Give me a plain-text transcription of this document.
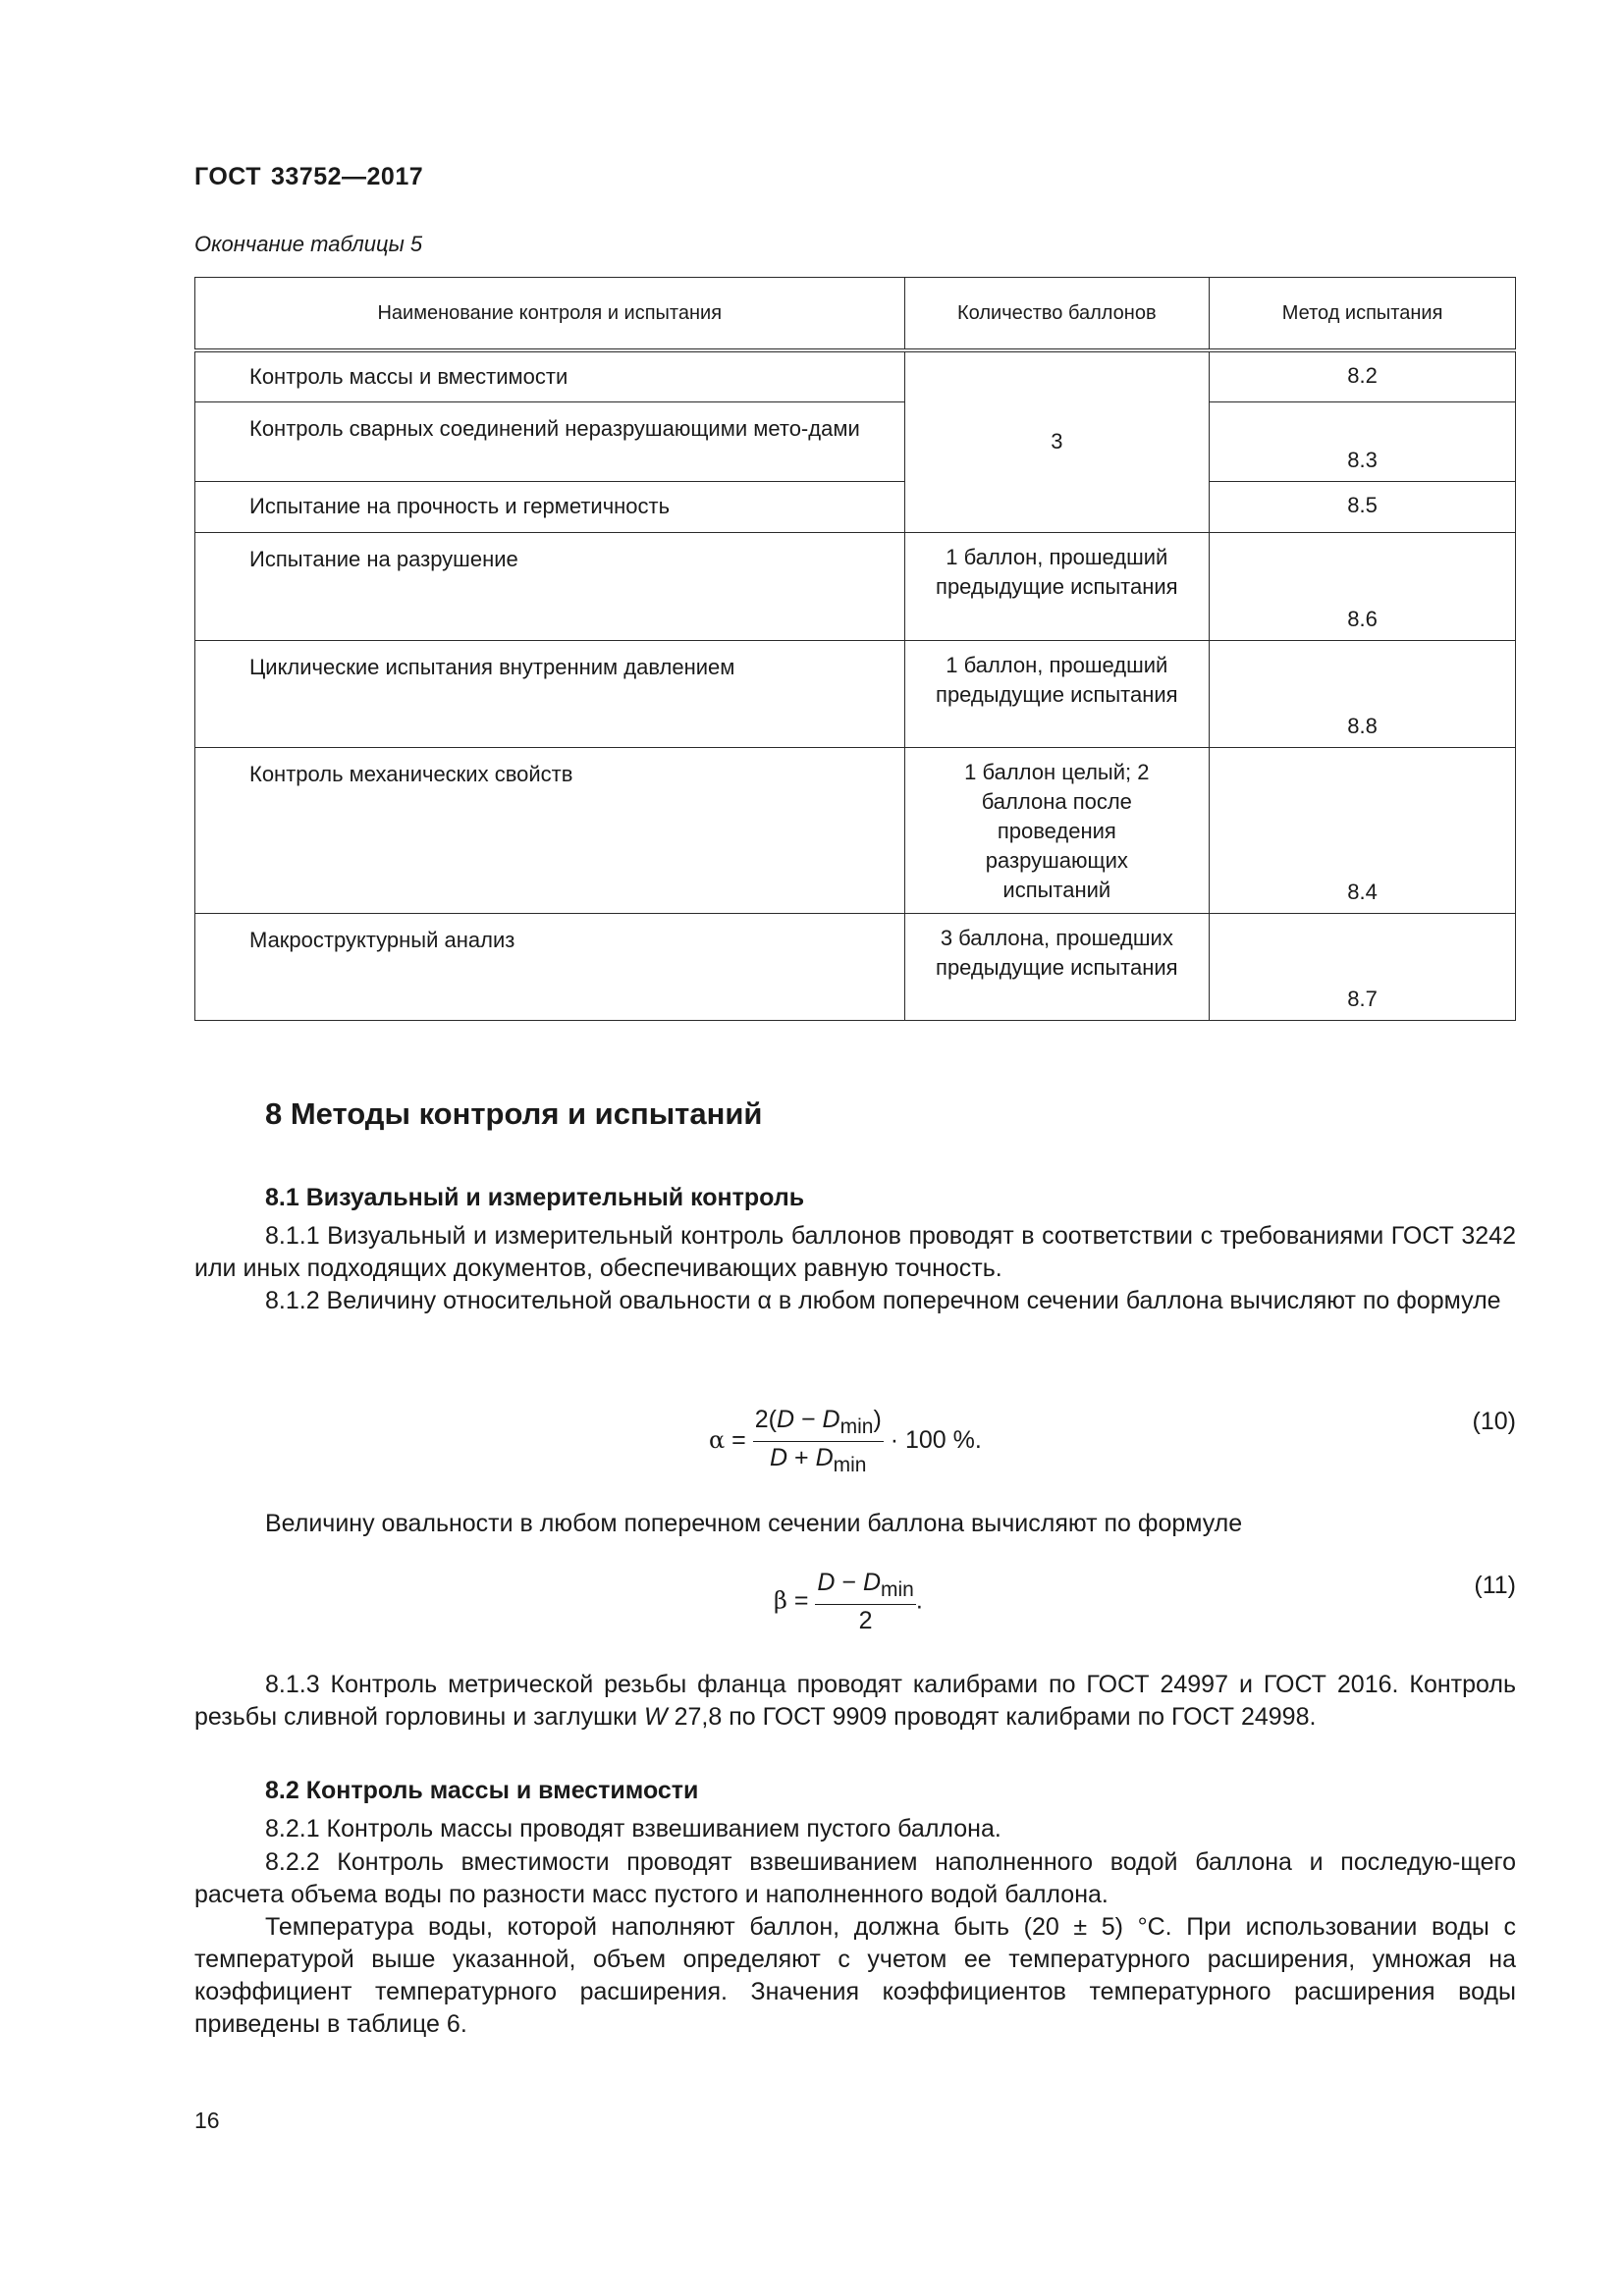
ГОСТ 33752—2017
Окончание таблицы 5
Наименование контроля и испытания	Количество баллонов	Метод испытания
Контроль массы и вместимости	3	8.2
Контроль сварных соединений неразрушающими мето-дами		8.3
Испытание на прочность и герметичность		8.5
Испытание на разрушение	1 баллон, прошедший предыдущие испытания	8.6
Циклические испытания внутренним давлением	1 баллон, прошедший предыдущие испытания	8.8
Контроль механических свойств	1 баллон целый; 2 баллона после проведения разрушающих испытаний	8.4
Макроструктурный анализ	3 баллона, прошедших предыдущие испытания	8.7
8 Методы контроля и испытаний
8.1 Визуальный и измерительный контроль

8.1.1 Визуальный и измерительный контроль баллонов проводят в соответствии с требованиями ГОСТ 3242 или иных подходящих документов, обеспечивающих равную точность.

8.1.2 Величину относительной овальности α в любом поперечном сечении баллона вычисляют по формуле

$\alpha = \frac{2(D - D_{min})}{D + D_{min}} \cdot 100$ %.
(10)

Величину овальности в любом поперечном сечении баллона вычисляют по формуле

$\beta = \frac{D - D_{min}}{2}$ .
(11)

8.1.3 Контроль метрической резьбы фланца проводят калибрами по ГОСТ 24997 и ГОСТ 2016. Контроль резьбы сливной горловины и заглушки W 27,8 по ГОСТ 9909 проводят калибрами по ГОСТ 24998.

8.2 Контроль массы и вместимости

8.2.1 Контроль массы проводят взвешиванием пустого баллона.

8.2.2 Контроль вместимости проводят взвешиванием наполненного водой баллона и последую-щего расчета объема воды по разности масс пустого и наполненного водой баллона.

Температура воды, которой наполняют баллон, должна быть (20 ± 5) °С. При использовании воды с температурой выше указанной, объем определяют с учетом ее температурного расширения, умножая на коэффициент температурного расширения. Значения коэффициентов температурного расширения воды приведены в таблице 6.

16
